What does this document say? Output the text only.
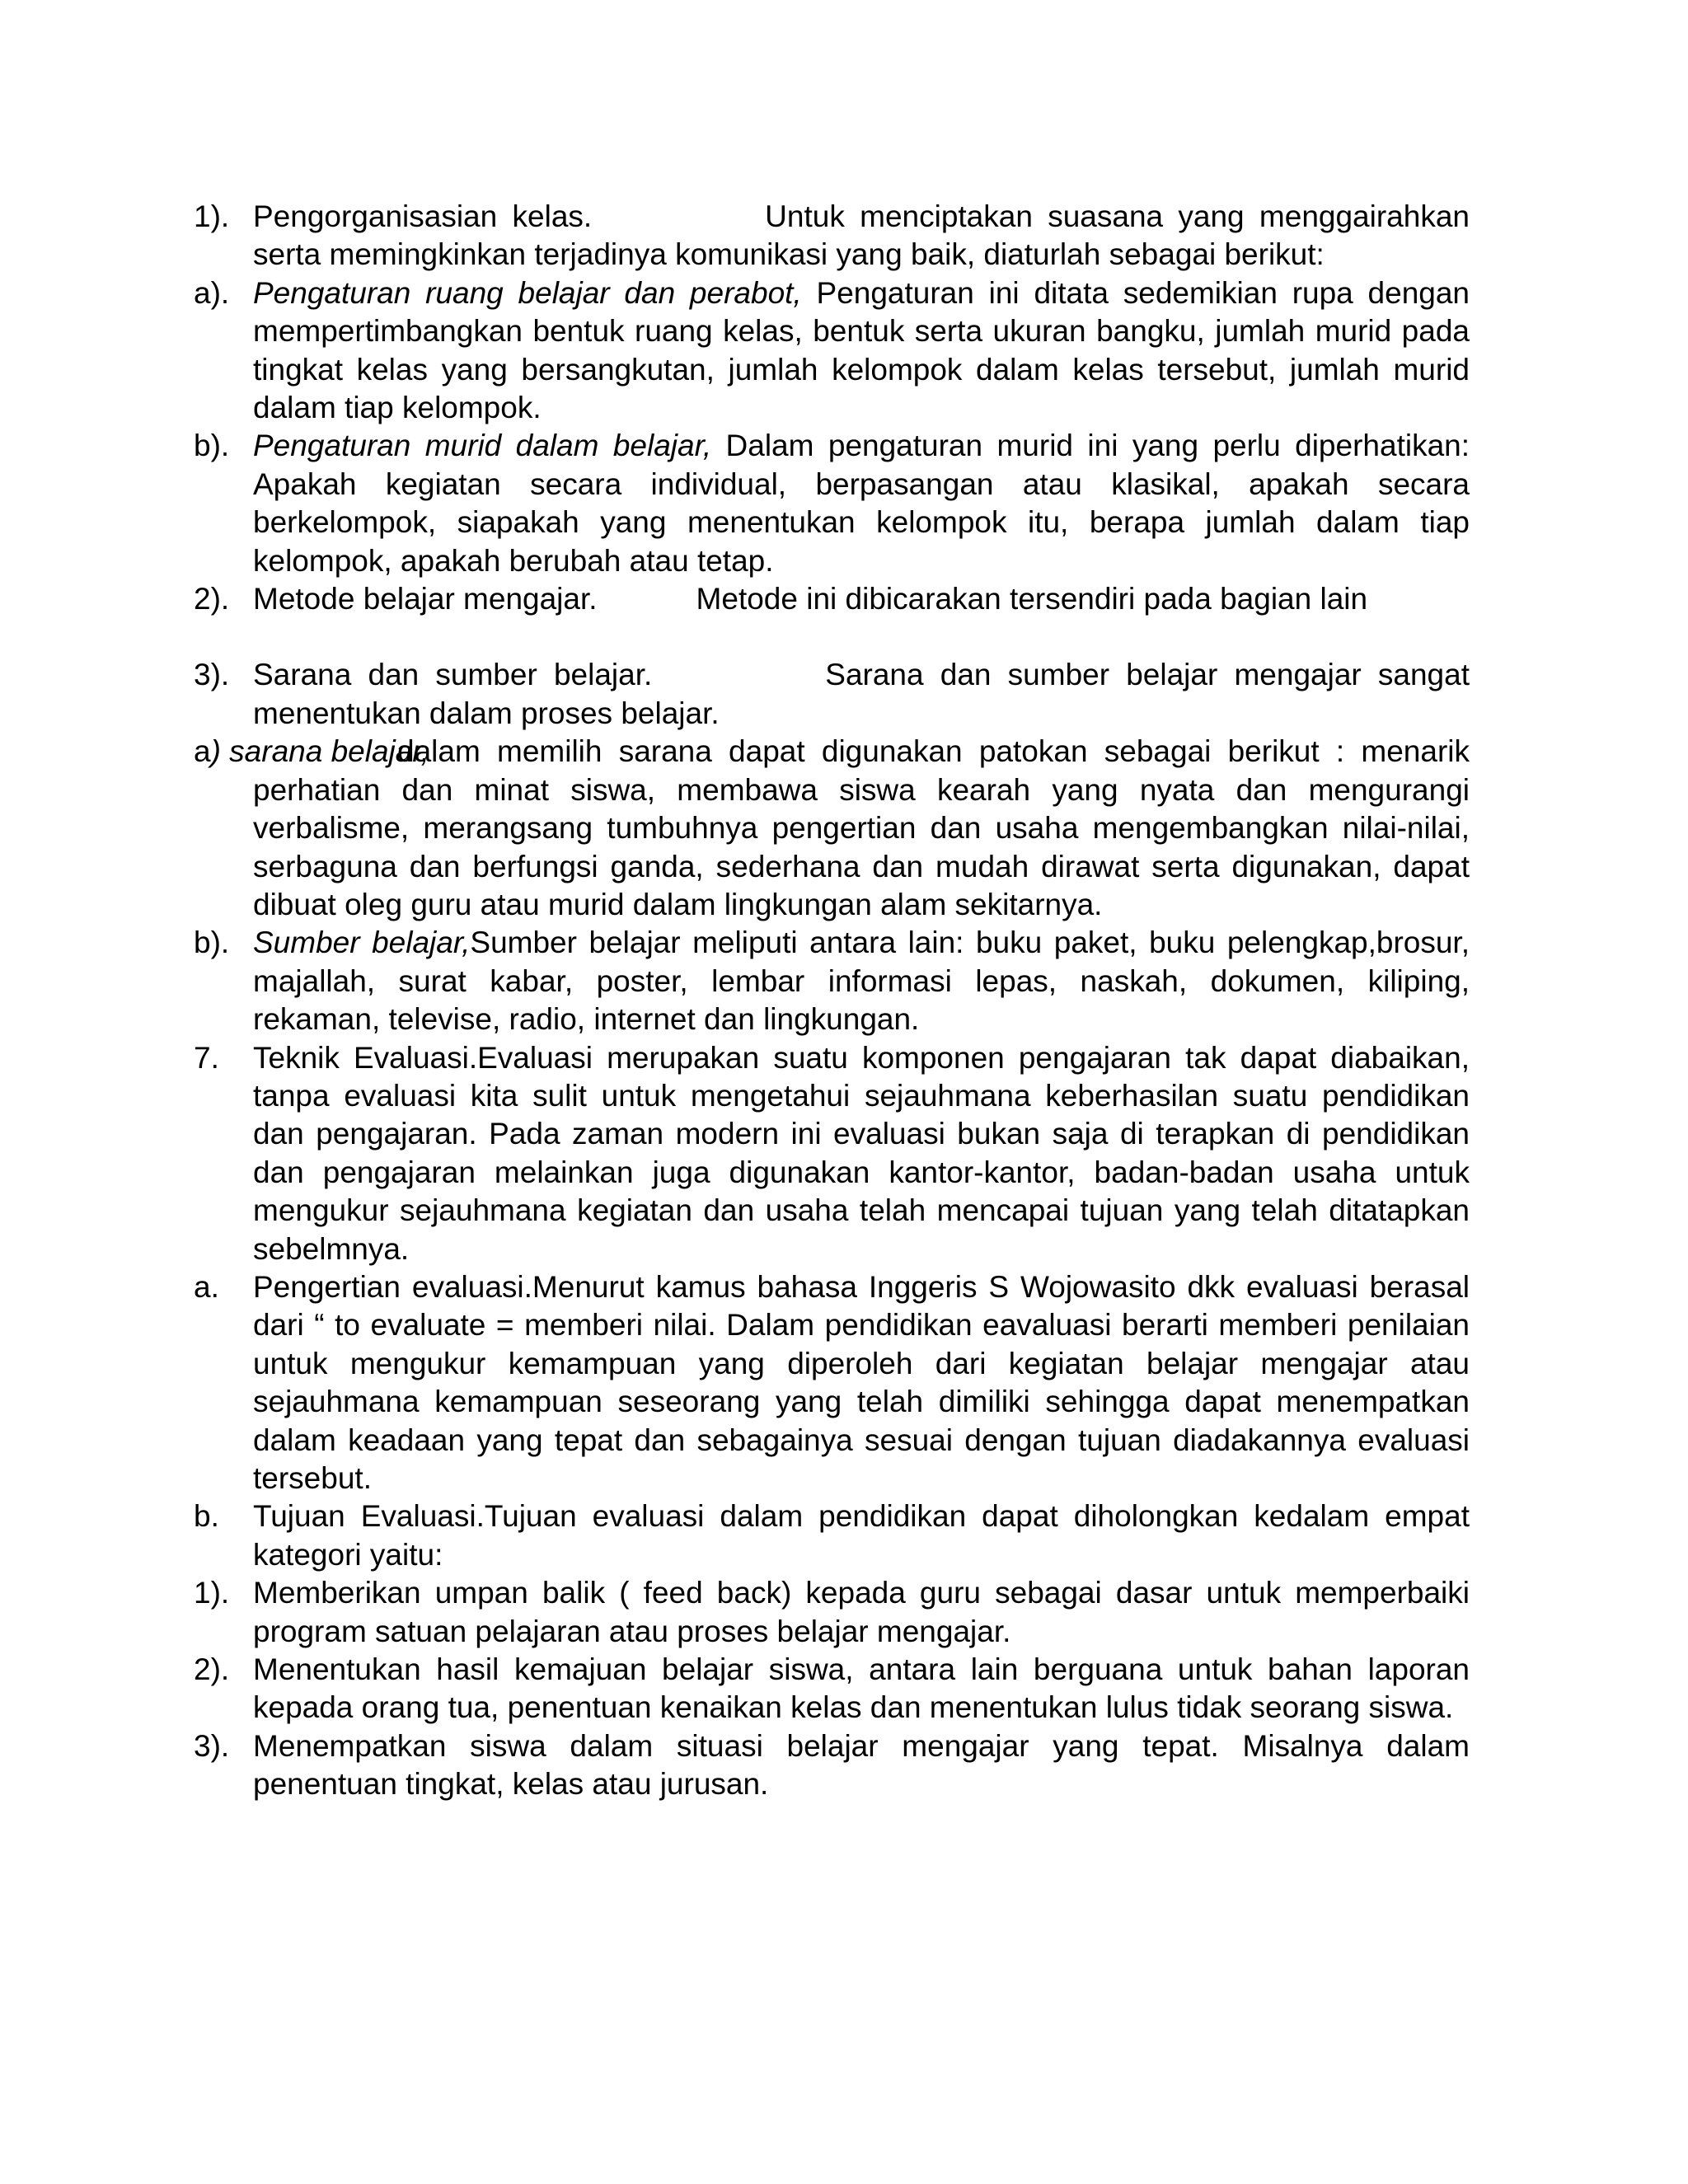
1). Pengorganisasian kelas.	Untuk menciptakan suasana yang menggairahkan serta memingkinkan terjadinya komunikasi yang baik, diaturlah sebagai berikut:
a). Pengaturan ruang belajar dan perabot, Pengaturan ini ditata sedemikian rupa dengan mempertimbangkan bentuk ruang kelas, bentuk serta ukuran bangku, jumlah murid pada tingkat kelas yang bersangkutan, jumlah kelompok dalam kelas tersebut, jumlah murid dalam tiap kelompok.
b). Pengaturan murid dalam belajar, Dalam pengaturan murid ini yang perlu diperhatikan: Apakah kegiatan secara individual, berpasangan atau klasikal, apakah secara berkelompok, siapakah yang menentukan kelompok itu, berapa jumlah dalam tiap kelompok, apakah berubah atau tetap.
2). Metode belajar mengajar.	Metode ini dibicarakan tersendiri pada bagian lain
3). Sarana dan sumber belajar.	Sarana dan sumber belajar mengajar sangat menentukan dalam proses belajar.
a) sarana belajar,
dalam memilih sarana dapat digunakan patokan sebagai berikut : menarik perhatian dan minat siswa, membawa siswa kearah yang nyata dan mengurangi verbalisme, merangsang tumbuhnya pengertian dan usaha mengembangkan nilai-nilai, serbaguna dan berfungsi ganda, sederhana dan mudah dirawat serta digunakan, dapat dibuat oleg guru atau murid dalam lingkungan alam sekitarnya.
b). Sumber belajar,Sumber belajar meliputi antara lain: buku paket, buku pelengkap,brosur, majallah, surat kabar, poster, lembar informasi lepas, naskah, dokumen, kiliping, rekaman, televise, radio, internet dan lingkungan.
7. Teknik Evaluasi.Evaluasi merupakan suatu komponen pengajaran tak dapat diabaikan, tanpa evaluasi kita sulit untuk mengetahui sejauhmana keberhasilan suatu pendidikan dan pengajaran. Pada zaman modern ini evaluasi bukan saja di terapkan di pendidikan dan pengajaran melainkan juga digunakan kantor-kantor, badan-badan usaha untuk mengukur sejauhmana kegiatan dan usaha telah mencapai tujuan yang telah ditatapkan sebelmnya.
a. Pengertian evaluasi.Menurut kamus bahasa Inggeris S Wojowasito dkk evaluasi berasal dari “ to evaluate = memberi nilai. Dalam pendidikan eavaluasi berarti memberi penilaian untuk mengukur kemampuan yang diperoleh dari kegiatan belajar mengajar atau sejauhmana kemampuan seseorang yang telah dimiliki sehingga dapat menempatkan dalam keadaan yang tepat dan sebagainya sesuai dengan tujuan diadakannya evaluasi tersebut.
b. Tujuan Evaluasi.Tujuan evaluasi dalam pendidikan dapat diholongkan kedalam empat kategori yaitu:
1). Memberikan umpan balik ( feed back) kepada guru sebagai dasar untuk memperbaiki program satuan pelajaran atau proses belajar mengajar.
2). Menentukan hasil kemajuan belajar siswa, antara lain berguana untuk bahan laporan kepada orang tua, penentuan kenaikan kelas dan menentukan lulus tidak seorang siswa.
3). Menempatkan siswa dalam situasi belajar mengajar yang tepat. Misalnya dalam penentuan tingkat, kelas atau jurusan.
